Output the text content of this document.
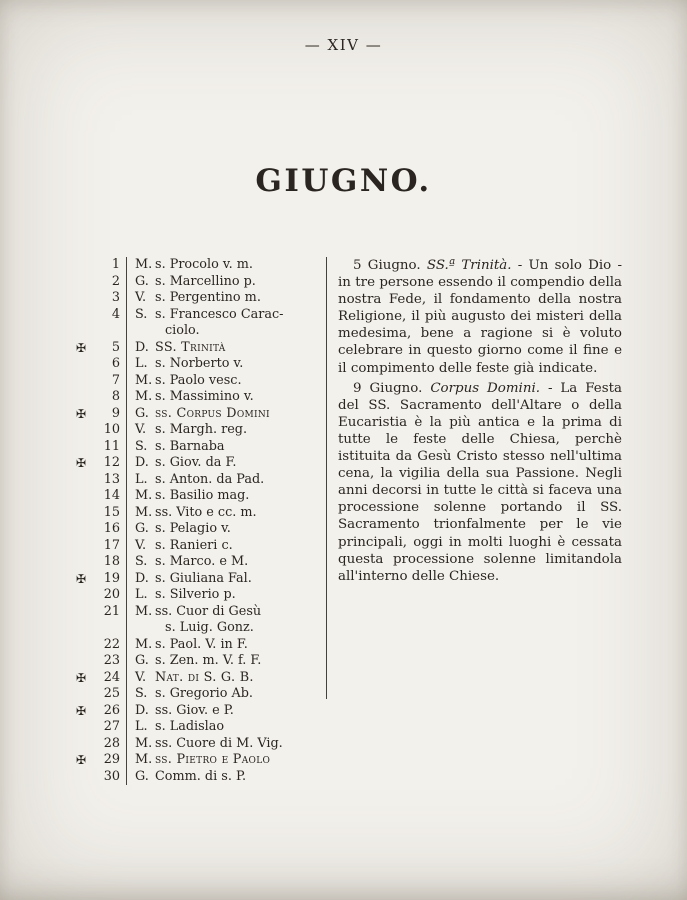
— XIV —
GIUGNO.
1	M. s. Procolo v. m.
2	G. s. Marcellino p.
3	V. s. Pergentino m.
4	S. s. Francesco Carac-
ciolo.
✠	5	D. SS. Trinità
6	L. s. Norberto v.
7	M. s. Paolo vesc.
8	M. s. Massimino v.
✠	9	G. ss. Corpus Domini
10	V. s. Margh. reg.
11	S. s. Barnaba
✠	12	D. s. Giov. da F.
13	L. s. Anton. da Pad.
14	M. s. Basilio mag.
15	M. ss. Vito e cc. m.
16	G. s. Pelagio v.
17	V. s. Ranieri c.
18	S. s. Marco. e M.
✠	19	D. s. Giuliana Fal.
20	L. s. Silverio p.
21	M. ss. Cuor di Gesù
s. Luig. Gonz.
22	M. s. Paol. V. in F.
23	G. s. Zen. m. V. f. F.
✠	24	V. Nat. di S. G. B.
25	S. s. Gregorio Ab.
✠	26	D. ss. Giov. e P.
27	L. s. Ladislao
28	M. ss. Cuore di M. Vig.
✠	29	M. ss. Pietro e Paolo
30	G. Comm. di s. P.

5 Giugno. SS.ª Trinità. - Un solo Dio - in tre persone essendo il compendio della nostra Fede, il fondamento della nostra Religione, il più augusto dei misteri della medesima, bene a ragione si è voluto celebrare in questo giorno come il fine e il compimento delle feste già indicate.

9 Giugno. Corpus Domini. - La Festa del SS. Sacramento dell'Altare o della Eucaristia è la più antica e la prima di tutte le feste delle Chiesa, perchè istituita da Gesù Cristo stesso nell'ultima cena, la vigilia della sua Passione. Negli anni decorsi in tutte le città si faceva una processione solenne portando il SS. Sacramento trionfalmente per le vie principali, oggi in molti luoghi è cessata questa processione solenne limitandola all'interno delle Chiese.
